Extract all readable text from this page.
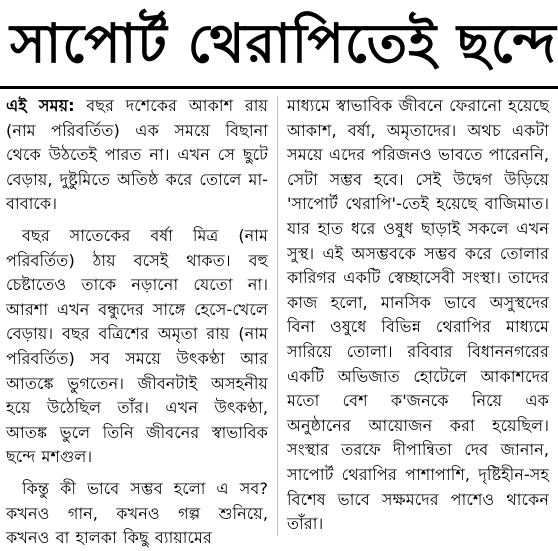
সাপোর্ট থেরাপিতেই ছন্দে

এই সময়: বছর দশেকের আকাশ রায় (নাম পরিবর্তিত) এক সময়ে বিছানা থেকে উঠতেই পারত না। এখন সে ছুটে বেড়ায়, দুষ্টুমিতে অতিষ্ঠ করে তোলে মা-বাবাকে।

বছর সাতেকের বর্ষা মিত্র (নাম পরিবর্তিত) ঠায় বসেই থাকত। বহু চেষ্টাতেও তাকে নড়ানো যেতো না। আরশা এখন বন্ধুদের সাঙ্গে হেসে-খেলে বেড়ায়। বছর বত্রিশের অমৃতা রায় (নাম পরিবর্তিত) সব সময়ে উৎকণ্ঠা আর আতঙ্কে ভুগতেন। জীবনটাই অসহনীয় হয়ে উঠেছিল তাঁর। এখন উৎকণ্ঠা, আতঙ্ক ভুলে তিনি জীবনের স্বাভাবিক ছন্দে মশগুল।

কিন্তু কী ভাবে সম্ভব হলো এ সব? কখনও গান, কখনও গল্প শুনিয়ে, কখনও বা হালকা কিছু ব্যায়ামের

মাধ্যমে স্বাভাবিক জীবনে ফেরানো হয়েছে আকাশ, বর্ষা, অমৃতাদের। অথচ একটা সময়ে এদের পরিজনও ভাবতে পারেননি, সেটা সম্ভব হবে। সেই উদ্বেগ উড়িয়ে 'সাপোর্ট থেরাপি'-তেই হয়েছে বাজিমাত। যার হাত ধরে ওষুধ ছাড়াই সকলে এখন সুস্থ। এই অসম্ভবকে সম্ভব করে তোলার কারিগর একটি স্বেচ্ছাসেবী সংস্থা। তাদের কাজ হলো, মানসিক ভাবে অসুস্থদের বিনা ওষুধে বিভিন্ন থেরাপির মাধ্যমে সারিয়ে তোলা। রবিবার বিধাননগরের একটি অভিজাত হোটেলে আকাশদের মতো বেশ ক'জনকে নিয়ে এক অনুষ্ঠানের আয়োজন করা হয়েছিল। সংস্থার তরফে দীপান্বিতা দেব জানান, সাপোর্ট থেরাপির পাশাপাশি, দৃষ্টিহীন-সহ বিশেষ ভাবে সক্ষমদের পাশেও থাকেন তাঁরা।
